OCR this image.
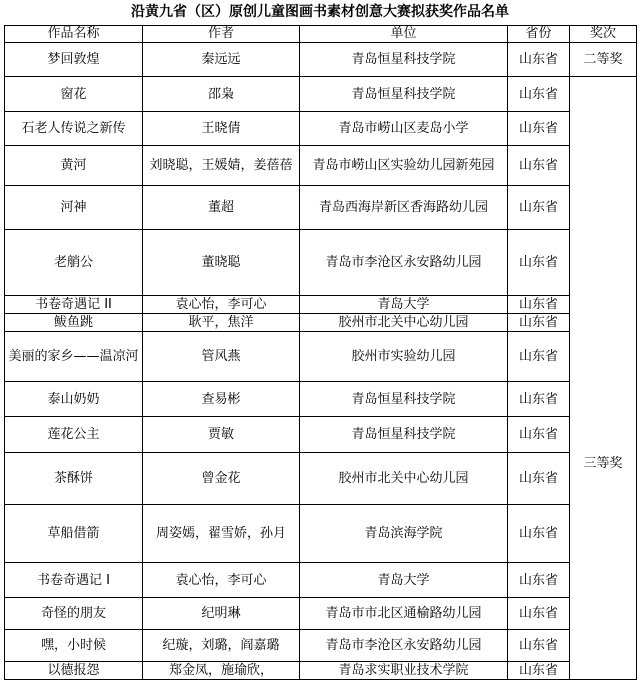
沿黄九省（区）原创儿童图画书素材创意大赛拟获奖作品名单
作品名称	作者	单位	省份	奖次
梦回敦煌	秦远远	青岛恒星科技学院	山东省	二等奖
窗花	邵枭	青岛恒星科技学院	山东省	三等奖
石老人传说之新传	王晓倩	青岛市崂山区麦岛小学	山东省	
黄河	刘晓聪，王媛婧，姜蓓蓓	青岛市崂山区实验幼儿园新苑园	山东省	
河神	董超	青岛西海岸新区香海路幼儿园	山东省	
老艄公	董晓聪	青岛市李沧区永安路幼儿园	山东省	
书卷奇遇记 II	袁心怡，李可心	青岛大学	山东省	
鲅鱼跳	耿平，焦洋	胶州市北关中心幼儿园	山东省	
美丽的家乡——温凉河	管风燕	胶州市实验幼儿园	山东省	
泰山奶奶	查易彬	青岛恒星科技学院	山东省	
莲花公主	贾敏	青岛恒星科技学院	山东省	
茶酥饼	曾金花	胶州市北关中心幼儿园	山东省	
草船借箭	周姿嫣，翟雪娇，孙月	青岛滨海学院	山东省	
书卷奇遇记 I	袁心怡，李可心	青岛大学	山东省	
奇怪的朋友	纪明琳	青岛市市北区通榆路幼儿园	山东省	
嘿，小时候	纪璇，刘璐，阎嘉璐	青岛市李沧区永安路幼儿园	山东省	
以德报怨	郑金凤，施瑜欣，	青岛求实职业技术学院	山东省	
